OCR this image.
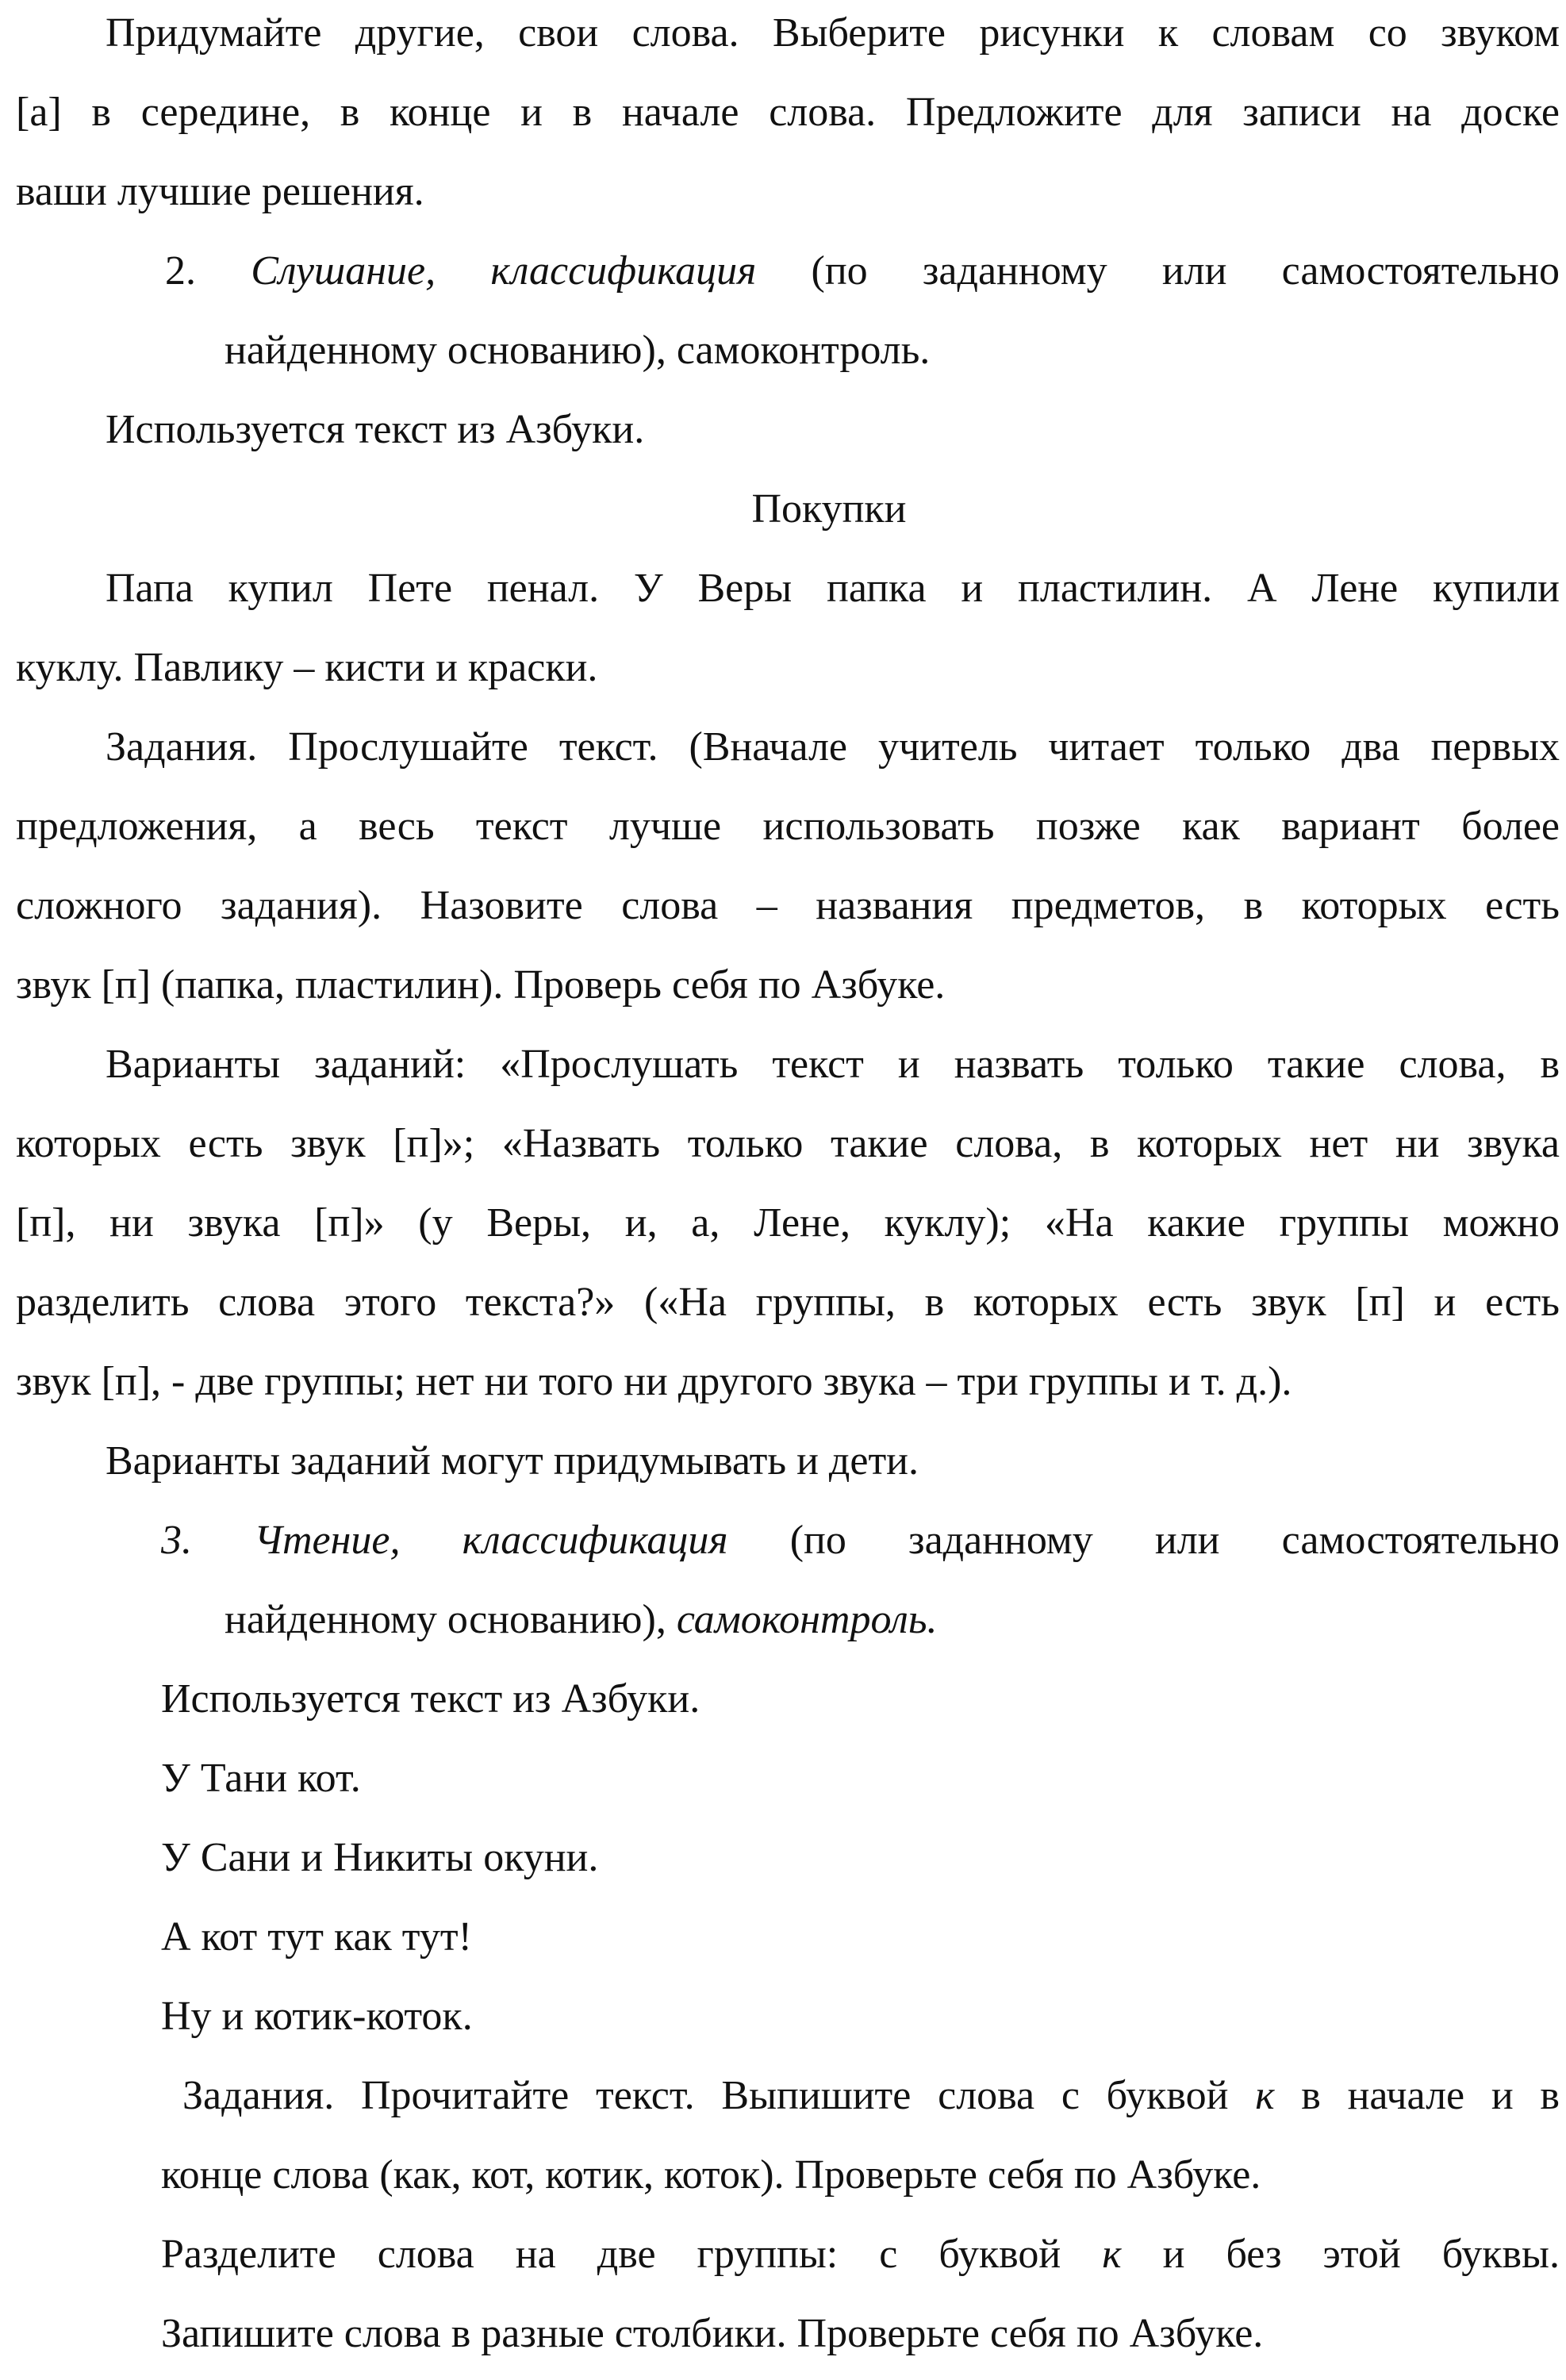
Придумайте другие, свои слова. Выберите рисунки к словам со звуком
[а] в середине, в конце и в начале слова. Предложите для записи на доске
ваши лучшие решения.
2. Слушание, классификация (по заданному или самостоятельно
найденному основанию), самоконтроль.
Используется текст из Азбуки.
Покупки
Папа купил Пете пенал. У Веры папка и пластилин. А Лене купили
куклу. Павлику – кисти и краски.
Задания. Прослушайте текст. (Вначале учитель читает только два первых
предложения, а весь текст лучше использовать позже как вариант более
сложного задания). Назовите слова – названия предметов, в которых есть
звук [п] (папка, пластилин). Проверь себя по Азбуке.
Варианты заданий: «Прослушать текст и назвать только такие слова, в
которых есть звук [п]»; «Назвать только такие слова, в которых нет ни звука
[п], ни звука [п]» (у Веры, и, а, Лене, куклу); «На какие группы можно
разделить слова этого текста?» («На группы, в которых есть звук [п] и есть
звук [п], - две группы; нет ни того ни другого звука – три группы и т. д.).
Варианты заданий могут придумывать и дети.
3. Чтение, классификация (по заданному или самостоятельно
найденному основанию), самоконтроль.
Используется текст из Азбуки.
У Тани кот.
У Сани и Никиты окуни.
А кот тут как тут!
Ну и котик-коток.
Задания. Прочитайте текст. Выпишите слова с буквой к в начале и в
конце слова (как, кот, котик, коток). Проверьте себя по Азбуке.
Разделите слова на две группы: с буквой к и без этой буквы.
Запишите слова в разные столбики. Проверьте себя по Азбуке.
